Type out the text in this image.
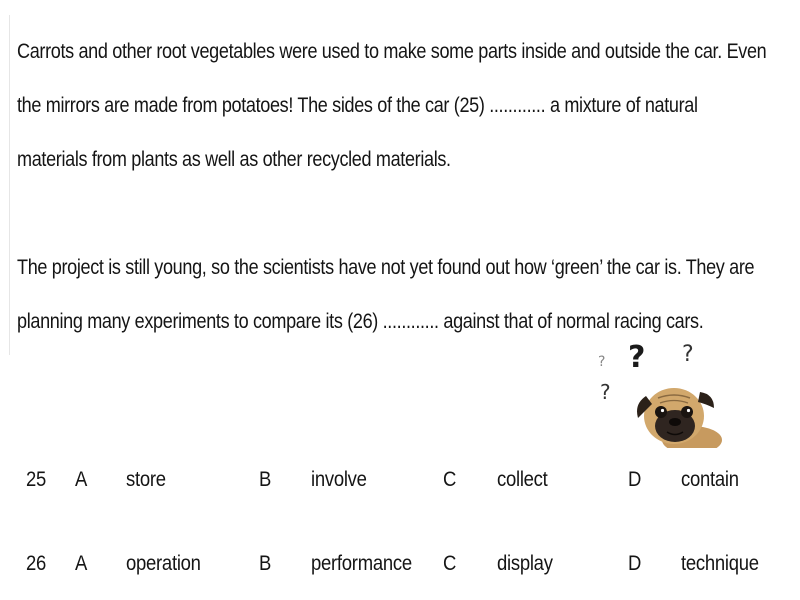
Carrots and other root vegetables were used to make some parts inside and outside the car. Even
the mirrors are made from potatoes! The sides of the car (25) ............ a mixture of natural
materials from plants as well as other recycled materials.
The project is still young, so the scientists have not yet found out how ‘green’ the car is. They are
planning many experiments to compare its (26) ............ against that of normal racing cars.
? ? ?
?
25 A store	B involve	C collect	D contain
26 A operation	B performance C display	D technique
